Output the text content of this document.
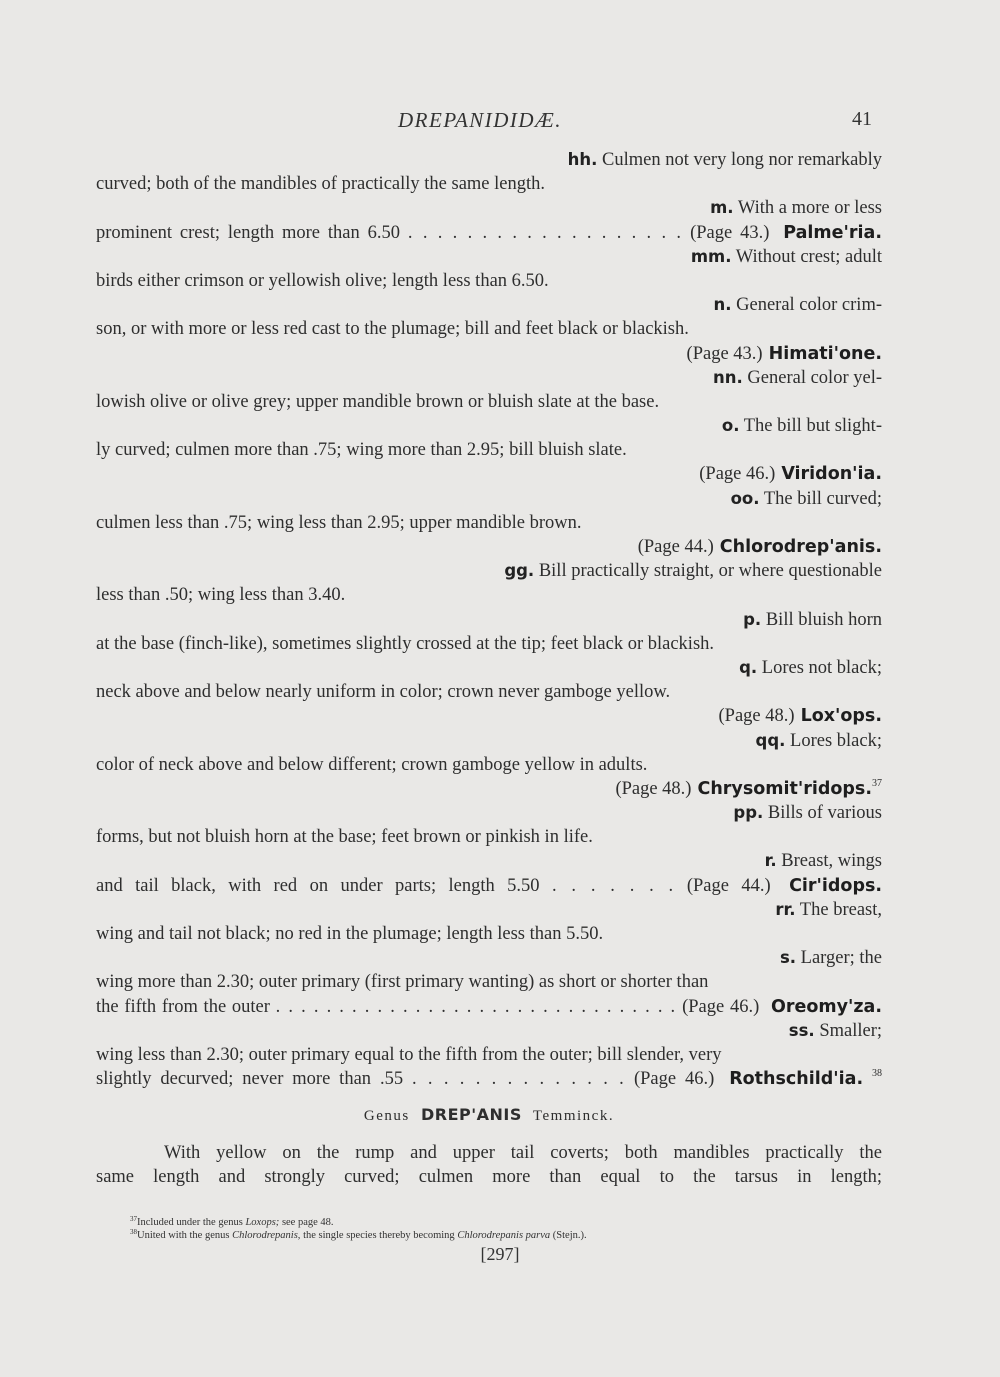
DREPANIDIDÆ.	41
hh. Culmen not very long nor remarkably
curved; both of the mandibles of practically the same length.
m. With a more or less
prominent crest; length more than 6.50 . . . . . . . . . . . . . . . . . . . (Page 43.) Palme'ria.
mm. Without crest; adult
birds either crimson or yellowish olive; length less than 6.50.
n. General color crim-
son, or with more or less red cast to the plumage; bill and feet black or blackish.
(Page 43.) Himati'one.
nn. General color yel-
lowish olive or olive grey; upper mandible brown or bluish slate at the base.
o. The bill but slight-
ly curved; culmen more than .75; wing more than 2.95; bill bluish slate.
(Page 46.) Viridon'ia.
oo. The bill curved;
culmen less than .75; wing less than 2.95; upper mandible brown.
(Page 44.) Chlorodrep'anis.
gg. Bill practically straight, or where questionable
less than .50; wing less than 3.40.
p. Bill bluish horn
at the base (finch-like), sometimes slightly crossed at the tip; feet black or blackish.
q. Lores not black;
neck above and below nearly uniform in color; crown never gamboge yellow.
(Page 48.) Lox'ops.
qq. Lores black;
color of neck above and below different; crown gamboge yellow in adults.
(Page 48.) Chrysomit'ridops.$^{37}$
pp. Bills of various
forms, but not bluish horn at the base; feet brown or pinkish in life.
r. Breast, wings
and tail black, with red on under parts; length 5.50 . . . . . . . (Page 44.) Cir'idops.
rr. The breast,
wing and tail not black; no red in the plumage; length less than 5.50.
s. Larger; the
wing more than 2.30; outer primary (first primary wanting) as short or shorter than
the fifth from the outer . . . . . . . . . . . . . . . . . . . . . . . . . . . . . . . . (Page 46.) Oreomy'za.
ss. Smaller;
wing less than 2.30; outer primary equal to the fifth from the outer; bill slender, very
slightly decurved; never more than .55 . . . . . . . . . . . . . . (Page 46.) Rothschild'ia. $^{38}$
Genus DREP'ANIS Temminck.
With yellow on the rump and upper tail coverts; both mandibles practically the
same length and strongly curved; culmen more than equal to the tarsus in length;
$^{37}$Included under the genus Loxops; see page 48.
$^{38}$United with the genus Chlorodrepanis, the single species thereby becoming Chlorodrepanis parva (Stejn.).
[297]
